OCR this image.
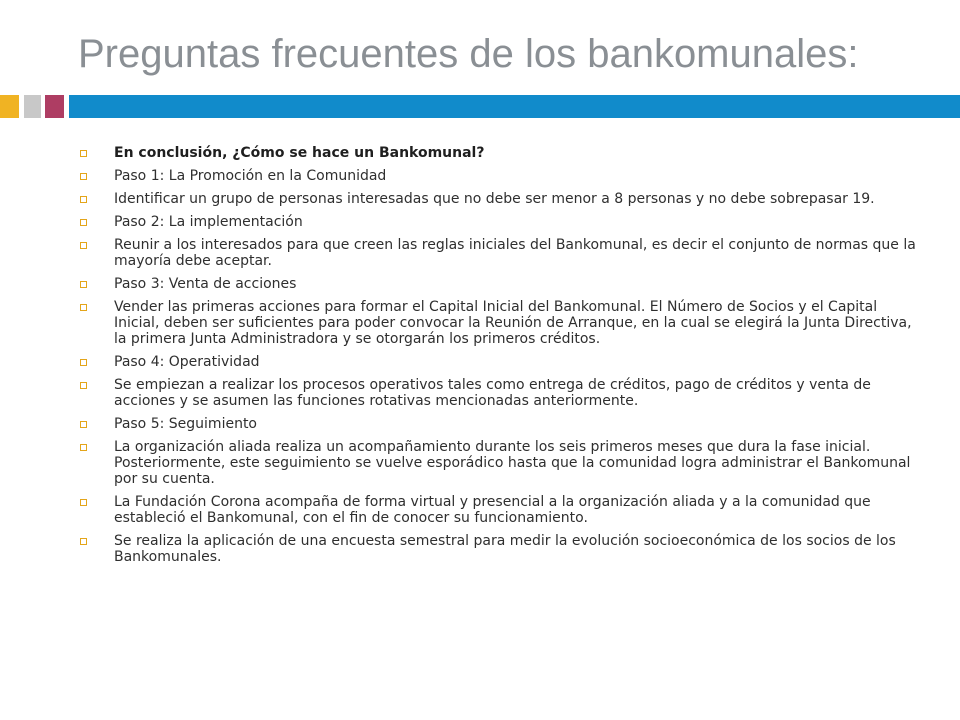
Preguntas frecuentes de los bankomunales:
En conclusión, ¿Cómo se hace un Bankomunal?
Paso 1: La Promoción en la Comunidad
Identificar un grupo de personas interesadas que no debe ser menor a 8 personas y no debe sobrepasar 19.
Paso 2: La implementación
Reunir a los interesados para que creen las reglas iniciales del Bankomunal, es decir el conjunto de normas que la mayoría debe aceptar.
Paso 3: Venta de acciones
Vender las primeras acciones para formar el Capital Inicial del Bankomunal. El Número de Socios y el Capital Inicial, deben ser suficientes para poder convocar la Reunión de Arranque, en la cual se elegirá la Junta Directiva, la primera Junta Administradora y se otorgarán los primeros créditos.
Paso 4: Operatividad
Se empiezan a realizar los procesos operativos tales como entrega de créditos, pago de créditos y venta de acciones y se asumen las funciones rotativas mencionadas anteriormente.
Paso 5: Seguimiento
La organización aliada realiza un acompañamiento durante los seis primeros meses que dura la fase inicial. Posteriormente, este seguimiento se vuelve esporádico hasta que la comunidad logra administrar el Bankomunal por su cuenta.
La Fundación Corona acompaña de forma virtual y presencial a la organización aliada y a la comunidad que estableció el Bankomunal, con el fin de conocer su funcionamiento.
Se realiza la aplicación de una encuesta semestral para medir la evolución socioeconómica de los socios de los Bankomunales.
